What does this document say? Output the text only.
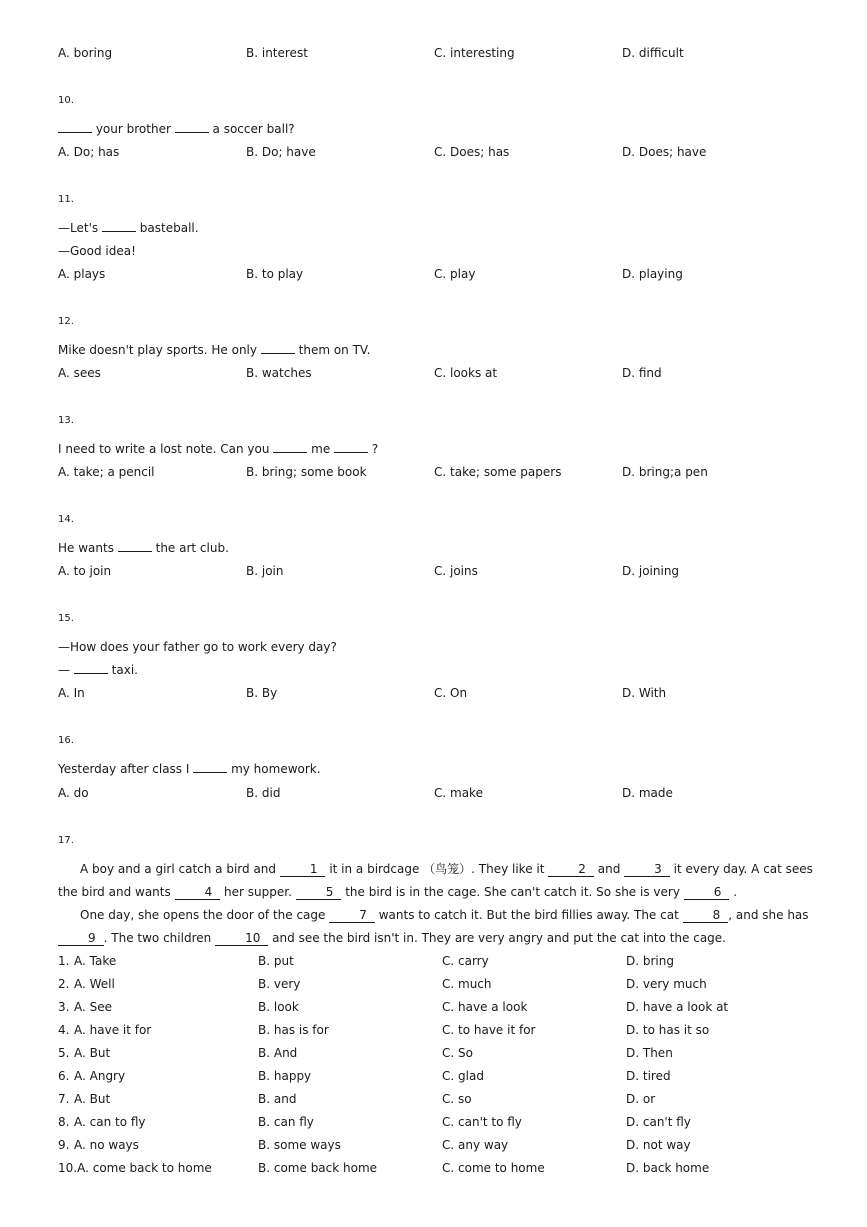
A. boring	B. interest	C. interesting	D. difficult
10.
your brother	a soccer ball?
A. Do; has	B. Do; have	C. Does; has	D. Does; have
11.
—Let's	basteball.
—Good idea!
A. plays	B. to play	C. play	D. playing
12.
Mike doesn't play sports. He only	them on TV.
A. sees	B. watches	C. looks at	D. find
13.
I need to write a lost note. Can you	me	?
A. take; a pencil	B. bring; some book	C. take; some papers	D. bring;a pen
14.
He wants	the art club.
A. to join	B. join	C. joins	D. joining
15.
—How does your father go to work every day?
—	taxi.
A. In	B. By	C. On	D. With
16.
Yesterday after class I	my homework.
A. do	B. did	C. make	D. made
17.
A boy and a girl catch a bird and	1 it in a birdcage （鸟笼）. They like it	2 and	3 it every day. A cat sees the bird and wants	4 her supper.	5 the bird is in the cage. She can't catch it. So she is very	6 .
One day, she opens the door of the cage	7 wants to catch it. But the bird fillies away. The cat	8 , and she has 9 . The two children	10 and see the bird isn't in. They are very angry and put the cat into the cage.
1. A. Take	B. put	C. carry	D. bring
2. A. Well	B. very	C. much	D. very much
3. A. See	B. look	C. have a look	D. have a look at
4. A. have it for	B. has is for	C. to have it for	D. to has it so
5. A. But	B. And	C. So	D. Then
6. A. Angry	B. happy	C. glad	D. tired
7. A. But	B. and	C. so	D. or
8. A. can to fly	B. can fly	C. can't to fly	D. can't fly
9. A. no ways	B. some ways	C. any way	D. not way
10.A. come back to home	B. come back home	C. come to home	D. back home
